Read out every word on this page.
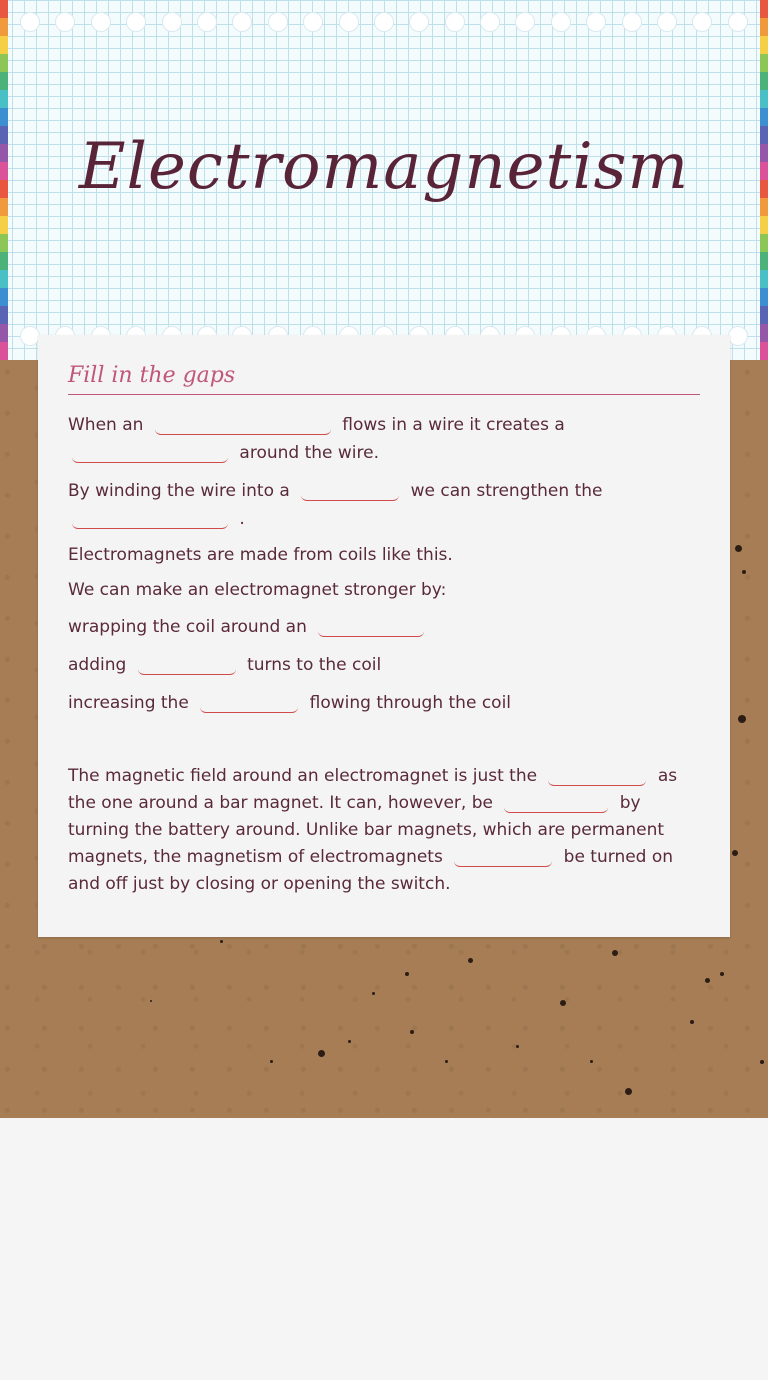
Electromagnetism
Fill in the gaps
When an	flows in a wire it creates a
around the wire.
By winding the wire into a	we can strengthen the
.
Electromagnets are made from coils like this.
We can make an electromagnet stronger by:
wrapping the coil around an
adding	turns to the coil
increasing the	flowing through the coil
The magnetic field around an electromagnet is just the	as the one around a bar magnet. It can, however, be	by turning the battery around. Unlike bar magnets, which are permanent magnets, the magnetism of electromagnets	be turned on and off just by closing or opening the switch.
